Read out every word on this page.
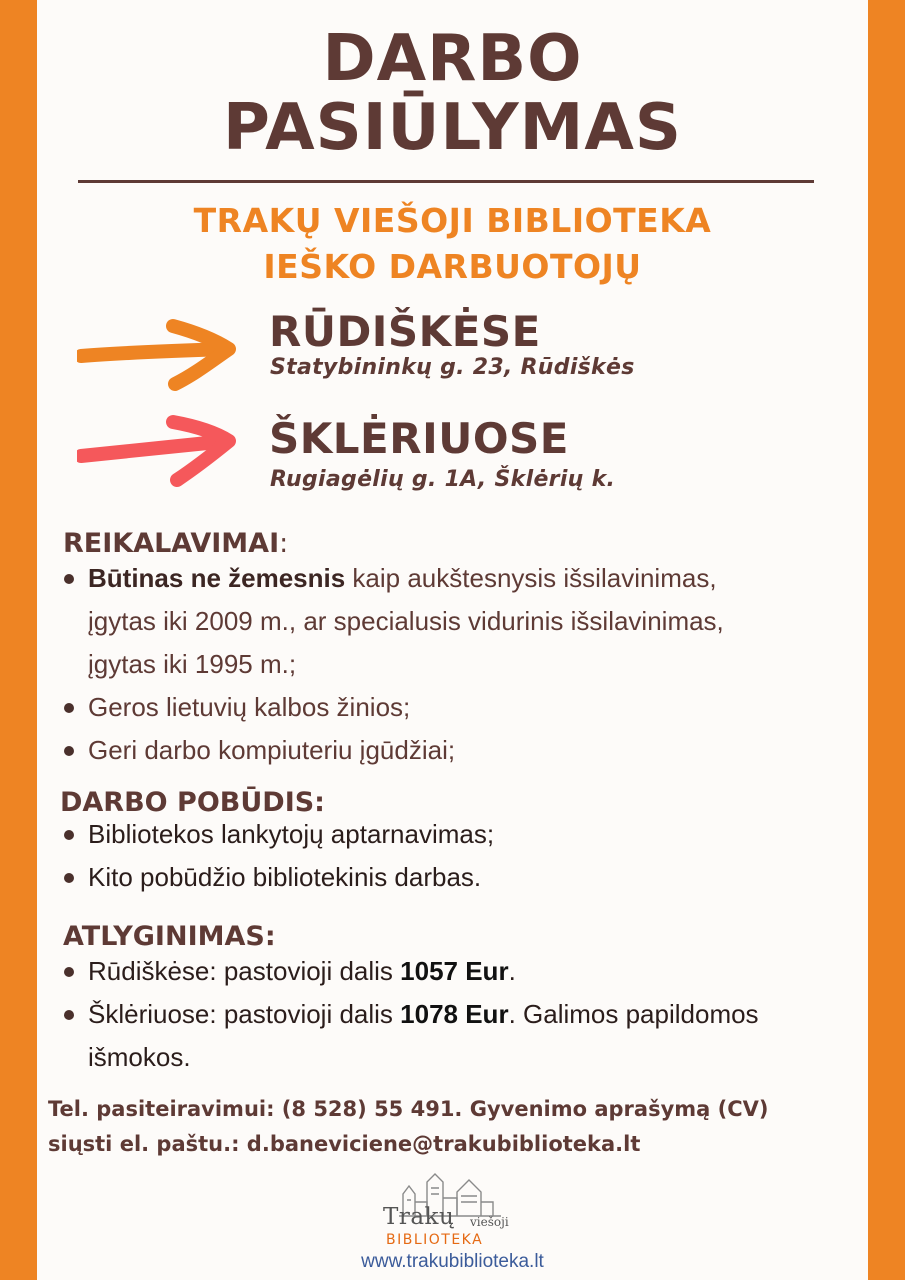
DARBO
PASIŪLYMAS
TRAKŲ VIEŠOJI BIBLIOTEKA
IEŠKO DARBUOTOJŲ
RŪDIŠKĖSE
Statybininkų g. 23, Rūdiškės
ŠKLĖRIUOSE
Rugiagėlių g. 1A, Šklėrių k.
REIKALAVIMAI:
Būtinas ne žemesnis kaip aukštesnysis išsilavinimas,
įgytas iki 2009 m., ar specialusis vidurinis išsilavinimas,
įgytas iki 1995 m.;
Geros lietuvių kalbos žinios;
Geri darbo kompiuteriu įgūdžiai;
DARBO POBŪDIS:
Bibliotekos lankytojų aptarnavimas;
Kito pobūdžio bibliotekinis darbas.
ATLYGINIMAS:
Rūdiškėse: pastovioji dalis 1057 Eur.
Šklėriuose: pastovioji dalis 1078 Eur. Galimos papildomos
išmokos.
Tel. pasiteiravimui: (8 528) 55 491. Gyvenimo aprašymą (CV)
siųsti el. paštu.: d.baneviciene@trakubiblioteka.lt
Trakų viešoji
BIBLIOTEKA
www.trakubiblioteka.lt
